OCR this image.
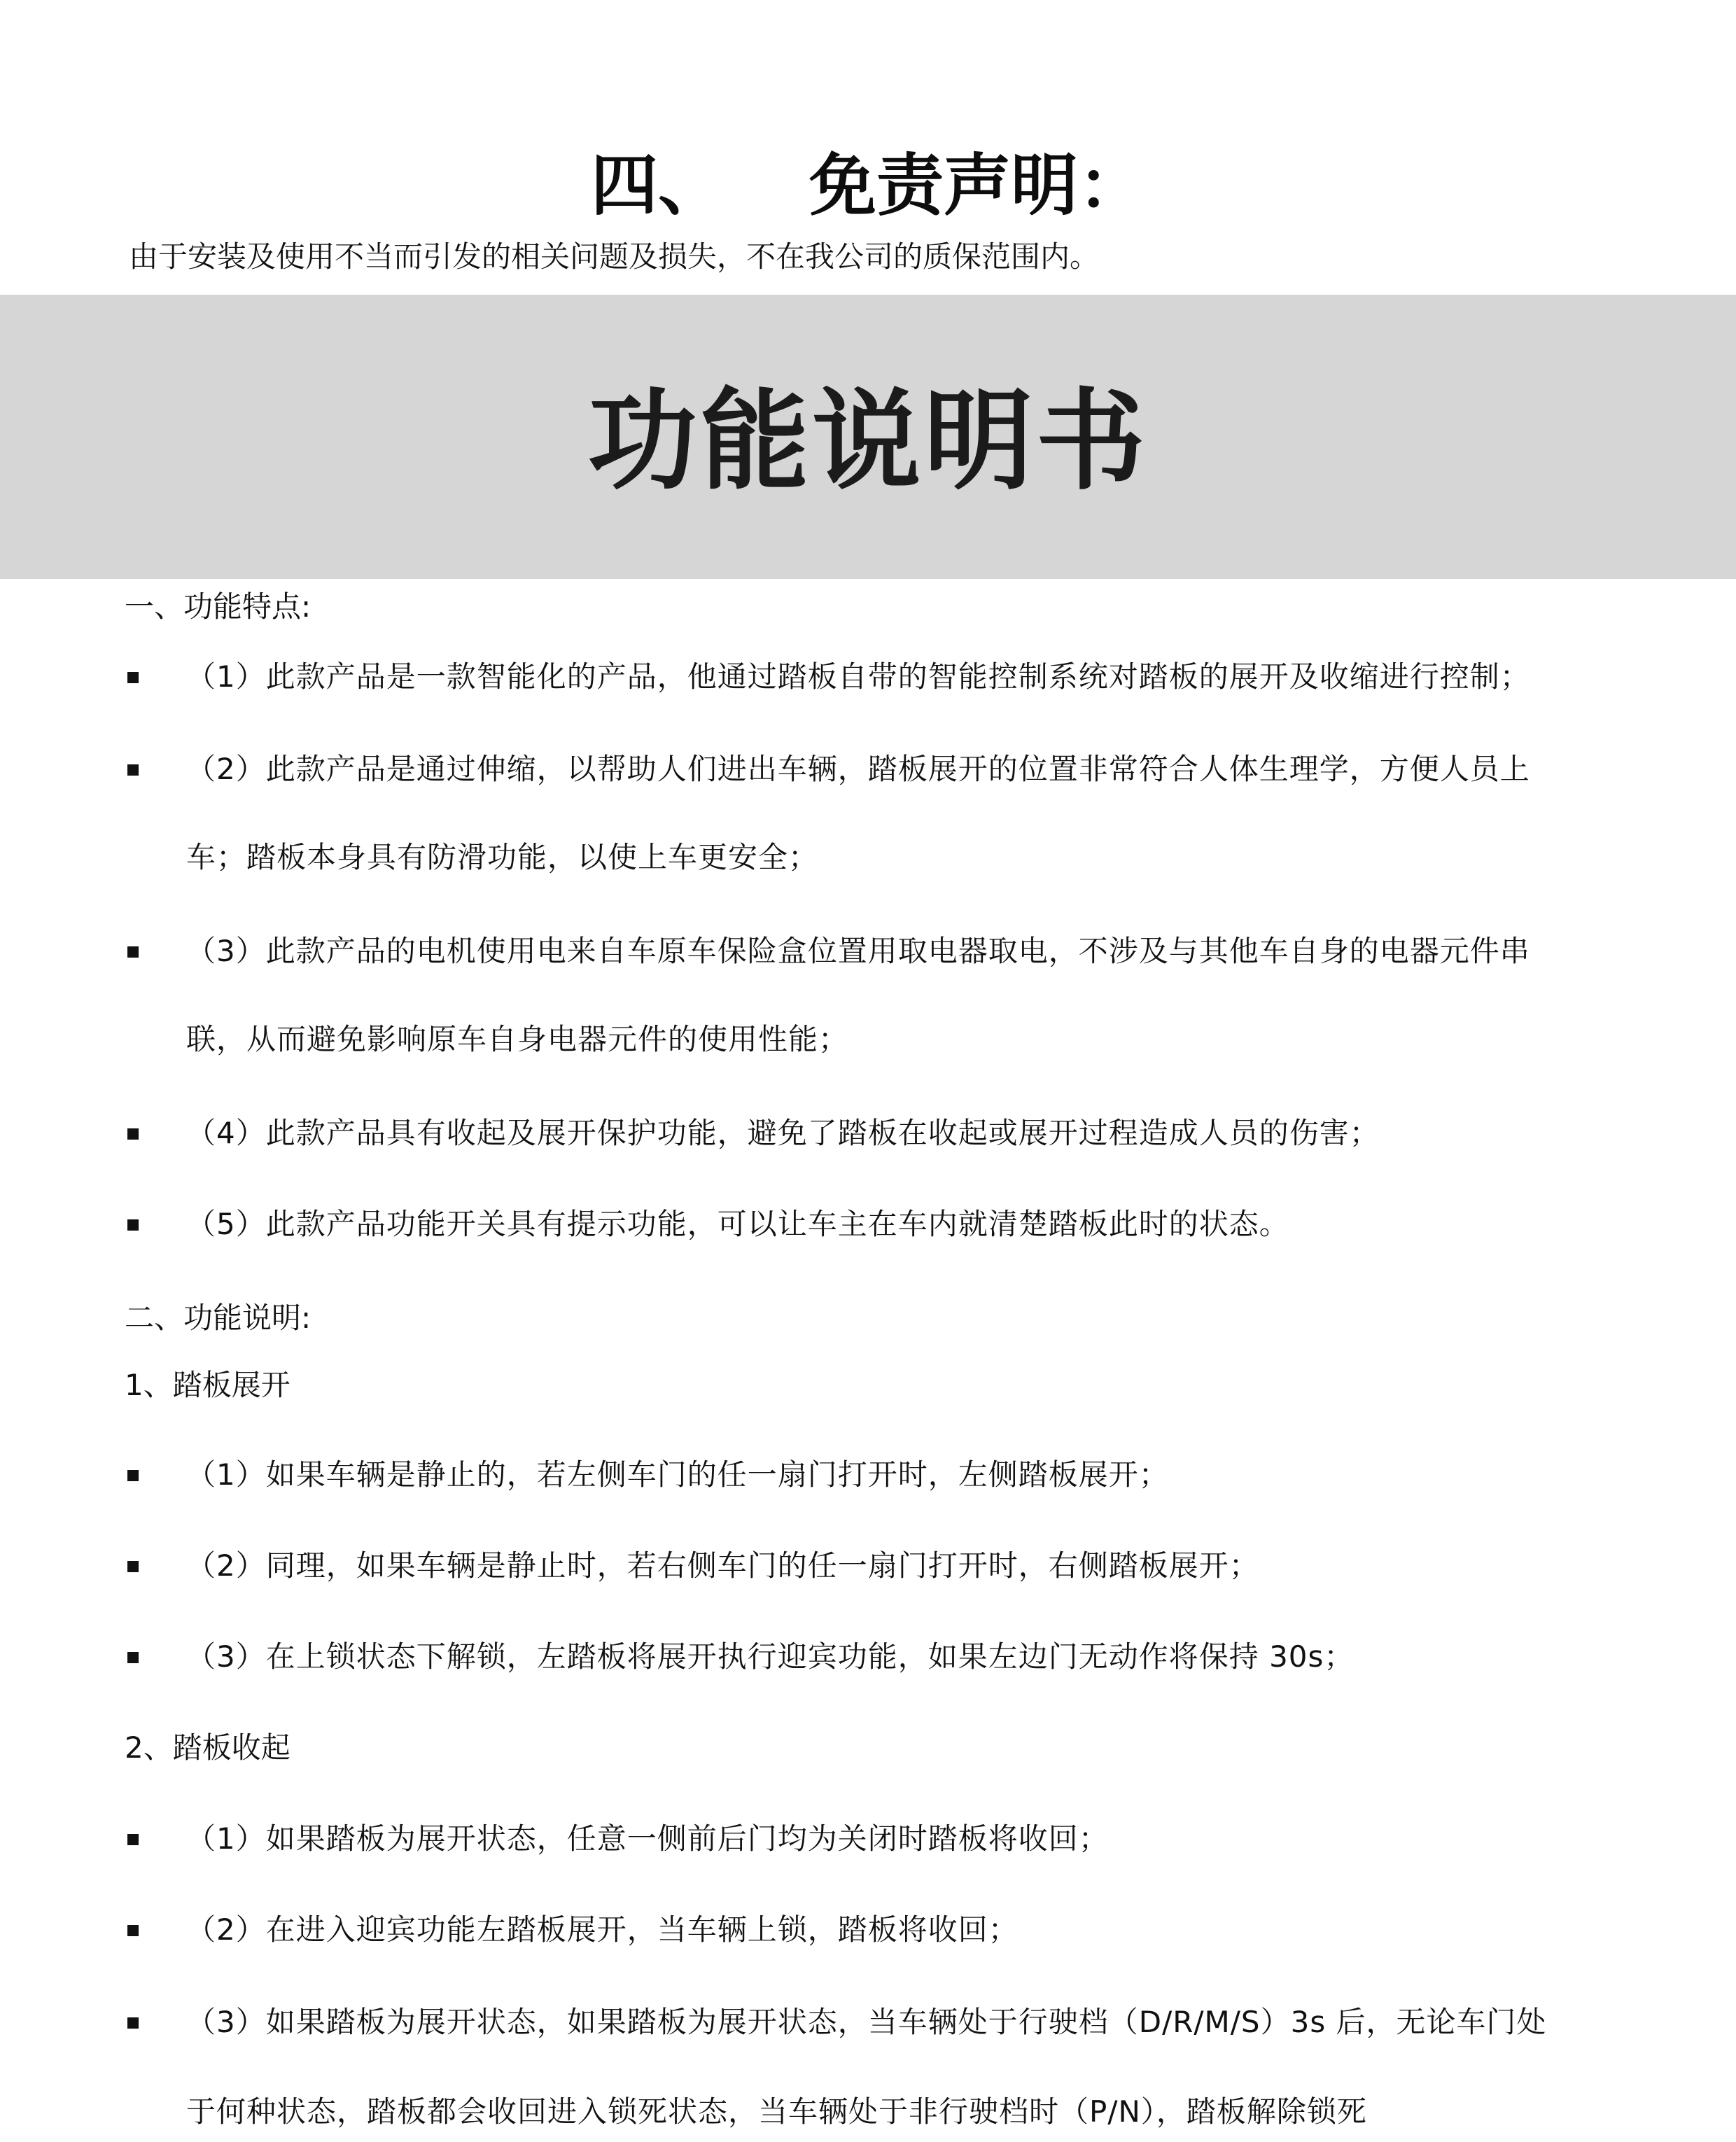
四、 免责声明：
由于安装及使用不当而引发的相关问题及损失，不在我公司的质保范围内。
功能说明书
一、功能特点:
（1）此款产品是一款智能化的产品，他通过踏板自带的智能控制系统对踏板的展开及收缩进行控制；
（2）此款产品是通过伸缩，以帮助人们进出车辆，踏板展开的位置非常符合人体生理学，方便人员上
车；踏板本身具有防滑功能，以使上车更安全；
（3）此款产品的电机使用电来自车原车保险盒位置用取电器取电，不涉及与其他车自身的电器元件串
联，从而避免影响原车自身电器元件的使用性能；
（4）此款产品具有收起及展开保护功能，避免了踏板在收起或展开过程造成人员的伤害；
（5）此款产品功能开关具有提示功能，可以让车主在车内就清楚踏板此时的状态。
二、功能说明:
1、踏板展开
（1）如果车辆是静止的，若左侧车门的任一扇门打开时，左侧踏板展开；
（2）同理，如果车辆是静止时，若右侧车门的任一扇门打开时，右侧踏板展开；
（3）在上锁状态下解锁，左踏板将展开执行迎宾功能，如果左边门无动作将保持 30s；
2、踏板收起
（1）如果踏板为展开状态，任意一侧前后门均为关闭时踏板将收回；
（2）在进入迎宾功能左踏板展开，当车辆上锁，踏板将收回；
（3）如果踏板为展开状态，如果踏板为展开状态，当车辆处于行驶档（D/R/M/S）3s 后，无论车门处
于何种状态，踏板都会收回进入锁死状态，当车辆处于非行驶档时（P/N），踏板解除锁死
